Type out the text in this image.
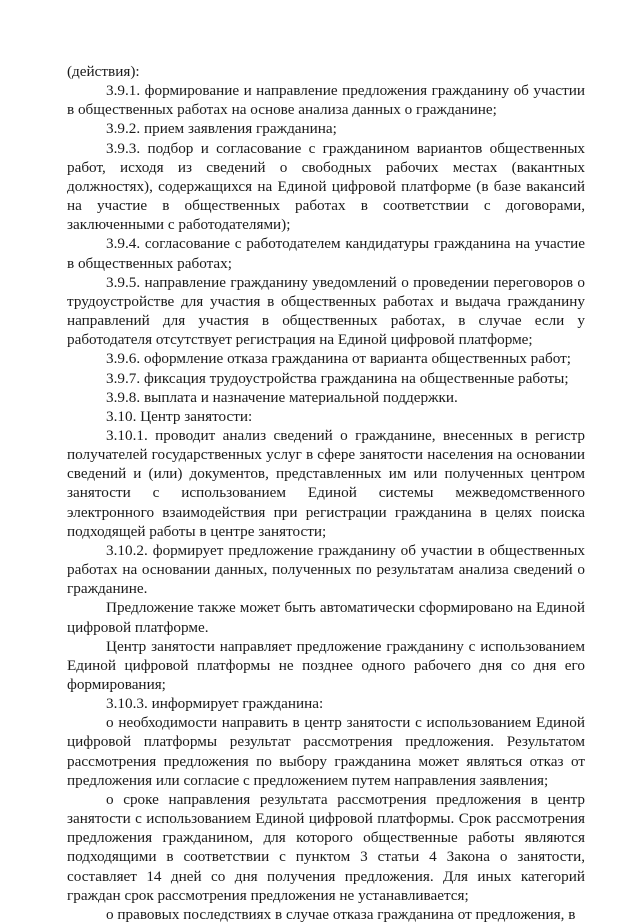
(действия):

3.9.1. формирование и направление предложения гражданину об участии в общественных работах на основе анализа данных о гражданине;

3.9.2. прием заявления гражданина;

3.9.3. подбор и согласование с гражданином вариантов общественных работ, исходя из сведений о свободных рабочих местах (вакантных должностях), содержащихся на Единой цифровой платформе (в базе вакансий на участие в общественных работах в соответствии с договорами, заключенными с работодателями);

3.9.4. согласование с работодателем кандидатуры гражданина на участие в общественных работах;

3.9.5. направление гражданину уведомлений о проведении переговоров о трудоустройстве для участия в общественных работах и выдача гражданину направлений для участия в общественных работах, в случае если у работодателя отсутствует регистрация на Единой цифровой платформе;

3.9.6. оформление отказа гражданина от варианта общественных работ;

3.9.7. фиксация трудоустройства гражданина на общественные работы;

3.9.8. выплата и назначение материальной поддержки.

3.10. Центр занятости:

3.10.1. проводит анализ сведений о гражданине, внесенных в регистр получателей государственных услуг в сфере занятости населения на основании сведений и (или) документов, представленных им или полученных центром занятости с использованием Единой системы межведомственного электронного взаимодействия при регистрации гражданина в целях поиска подходящей работы в центре занятости;

3.10.2. формирует предложение гражданину об участии в общественных работах на основании данных, полученных по результатам анализа сведений о гражданине.

Предложение также может быть автоматически сформировано на Единой цифровой платформе.

Центр занятости направляет предложение гражданину с использованием Единой цифровой платформы не позднее одного рабочего дня со дня его формирования;

3.10.3. информирует гражданина:

о необходимости направить в центр занятости с использованием Единой цифровой платформы результат рассмотрения предложения. Результатом рассмотрения предложения по выбору гражданина может являться отказ от предложения или согласие с предложением путем направления заявления;

о сроке направления результата рассмотрения предложения в центр занятости с использованием Единой цифровой платформы. Срок рассмотрения предложения гражданином, для которого общественные работы являются подходящими в соответствии с пунктом 3 статьи 4 Закона о занятости, составляет 14 дней со дня получения предложения. Для иных категорий граждан срок рассмотрения предложения не устанавливается;

о правовых последствиях в случае отказа гражданина от предложения, в
